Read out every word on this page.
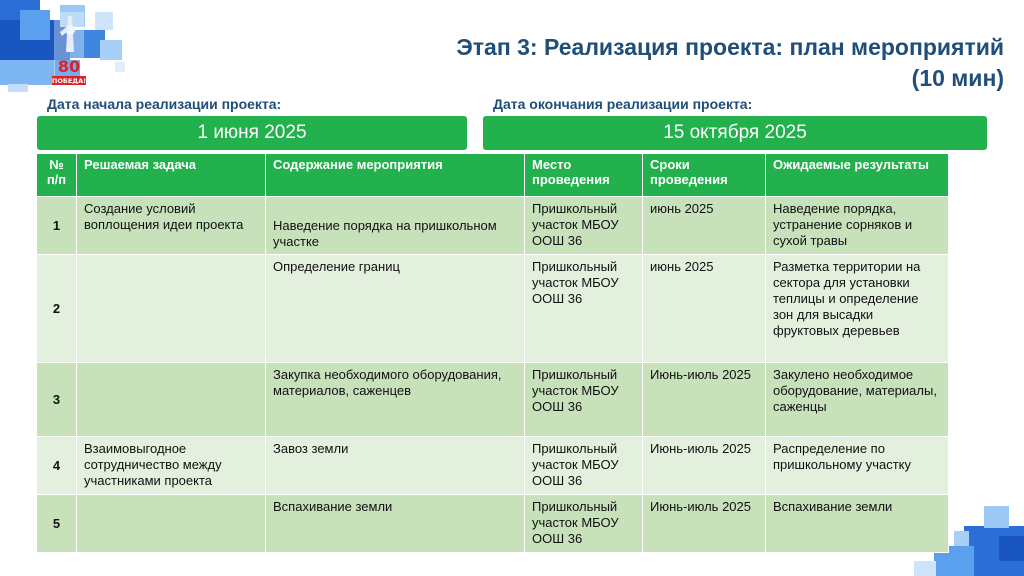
80
ПОБЕДА!
Этап 3: Реализация проекта: план мероприятий
(10 мин)
Дата начала реализации проекта:	Дата окончания реализации проекта:
1 июня 2025	15 октября 2025
№ п/п	Решаемая задача	Содержание мероприятия	Место проведения	Сроки проведения	Ожидаемые результаты
1	Создание условий воплощения идеи проекта	Наведение порядка на пришкольном участке	Пришкольный участок МБОУ ООШ 36	июнь 2025	Наведение порядка, устранение сорняков и сухой травы
2		Определение границ	Пришкольный участок МБОУ ООШ 36	июнь 2025	Разметка территории на сектора для установки теплицы и определение зон для высадки фруктовых деревьев
3		Закупка необходимого оборудования, материалов, саженцев	Пришкольный участок МБОУ ООШ 36	Июнь-июль 2025	Закулено необходимое оборудование, материалы, саженцы
4	Взаимовыгодное сотрудничество между участниками проекта	Завоз земли	Пришкольный участок МБОУ ООШ 36	Июнь-июль 2025	Распределение по пришкольному участку
5		Вспахивание земли	Пришкольный участок МБОУ ООШ 36	Июнь-июль 2025	Вспахивание земли
